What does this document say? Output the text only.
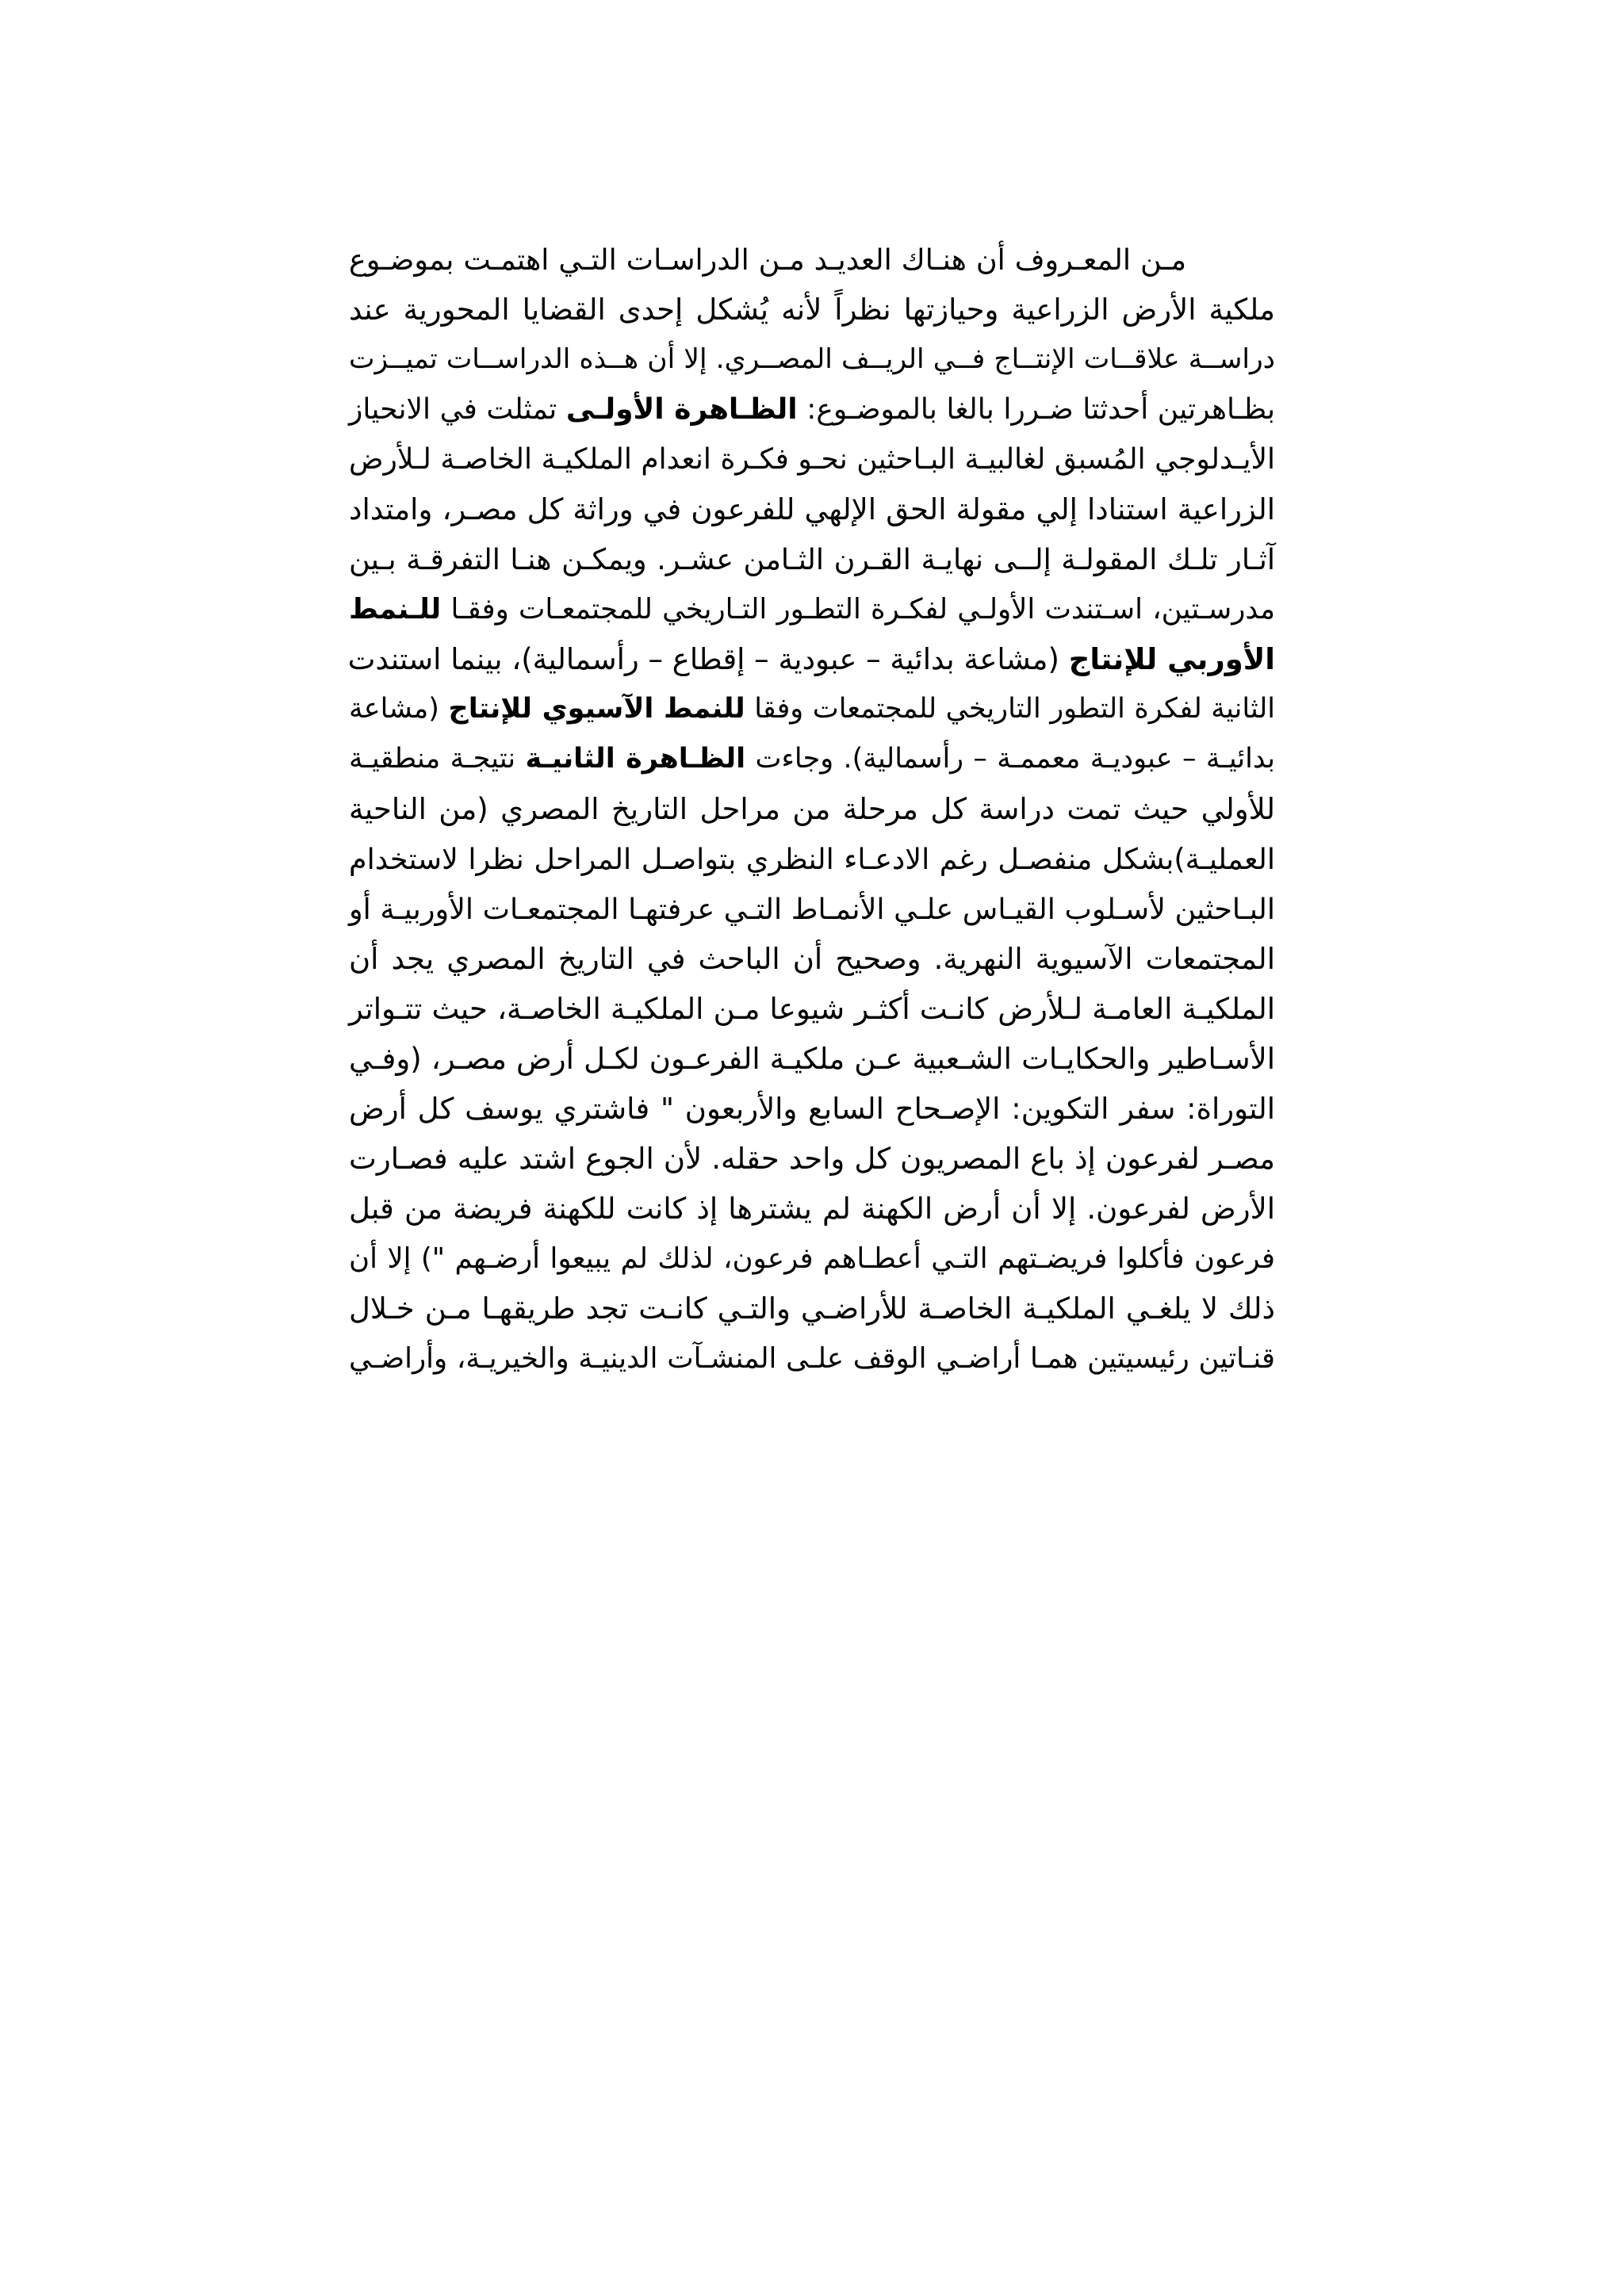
مـن المعـروف أن هنـاك العديـد مـن الدراسـات التـي اهتمـت بموضـوع
ملكية الأرض الزراعية وحيازتها نظراً لأنه يُشكل إحدى القضايا المحورية عند
دراســة علاقــات الإنتــاج فــي الريــف المصــري. إلا أن هــذه الدراســات تميــزت
بظـاهرتين أحدثتا ضـررا بالغا بالموضـوع: الظـاهرة الأولـى تمثلت في الانحياز
الأيـدلوجي المُسبق لغالبيـة البـاحثين نحـو فكـرة انعدام الملكيـة الخاصـة لـلأرض
الزراعية استنادا إلي مقولة الحق الإلهي للفرعون في وراثة كل مصـر، وامتداد
آثـار تلـك المقولـة إلــى نهايـة القـرن الثـامن عشـر. ويمكـن هنـا التفرقـة بـين
مدرسـتين، اسـتندت الأولـي لفكـرة التطـور التـاريخي للمجتمعـات وفقـا للـنمط
الأوربي للإنتاج (مشاعة بدائية – عبودية – إقطاع – رأسمالية)، بينما استندت
الثانية لفكرة التطور التاريخي للمجتمعات وفقا للنمط الآسيوي للإنتاج (مشاعة
بدائيـة – عبوديـة معممـة – رأسمالية). وجاءت الظـاهرة الثانيـة نتيجـة منطقيـة
للأولي حيث تمت دراسة كل مرحلة من مراحل التاريخ المصري (من الناحية
العمليـة)بشكل منفصـل رغم الادعـاء النظري بتواصـل المراحل نظرا لاستخدام
البـاحثين لأسـلوب القيـاس علـي الأنمـاط التـي عرفتهـا المجتمعـات الأوربيـة أو
المجتمعات الآسيوية النهرية. وصحيح أن الباحث في التاريخ المصري يجد أن
الملكيـة العامـة لـلأرض كانـت أكثـر شيوعا مـن الملكيـة الخاصـة، حيث تتـواتر
الأسـاطير والحكايـات الشـعبية عـن ملكيـة الفرعـون لكـل أرض مصـر، (وفـي
التوراة: سفر التكوين: الإصـحاح السابع والأربعون " فاشتري يوسف كل أرض
مصـر لفرعون إذ باع المصريون كل واحد حقله. لأن الجوع اشتد عليه فصـارت
الأرض لفرعون. إلا أن أرض الكهنة لم يشترها إذ كانت للكهنة فريضة من قبل
فرعون فأكلوا فريضـتهم التـي أعطـاهم فرعون، لذلك لم يبيعوا أرضـهم ") إلا أن
ذلك لا يلغـي الملكيـة الخاصـة للأراضـي والتـي كانـت تجد طريقهـا مـن خـلال
قنـاتين رئيسيتين همـا أراضـي الوقف علـى المنشـآت الدينيـة والخيريـة، وأراضـي
